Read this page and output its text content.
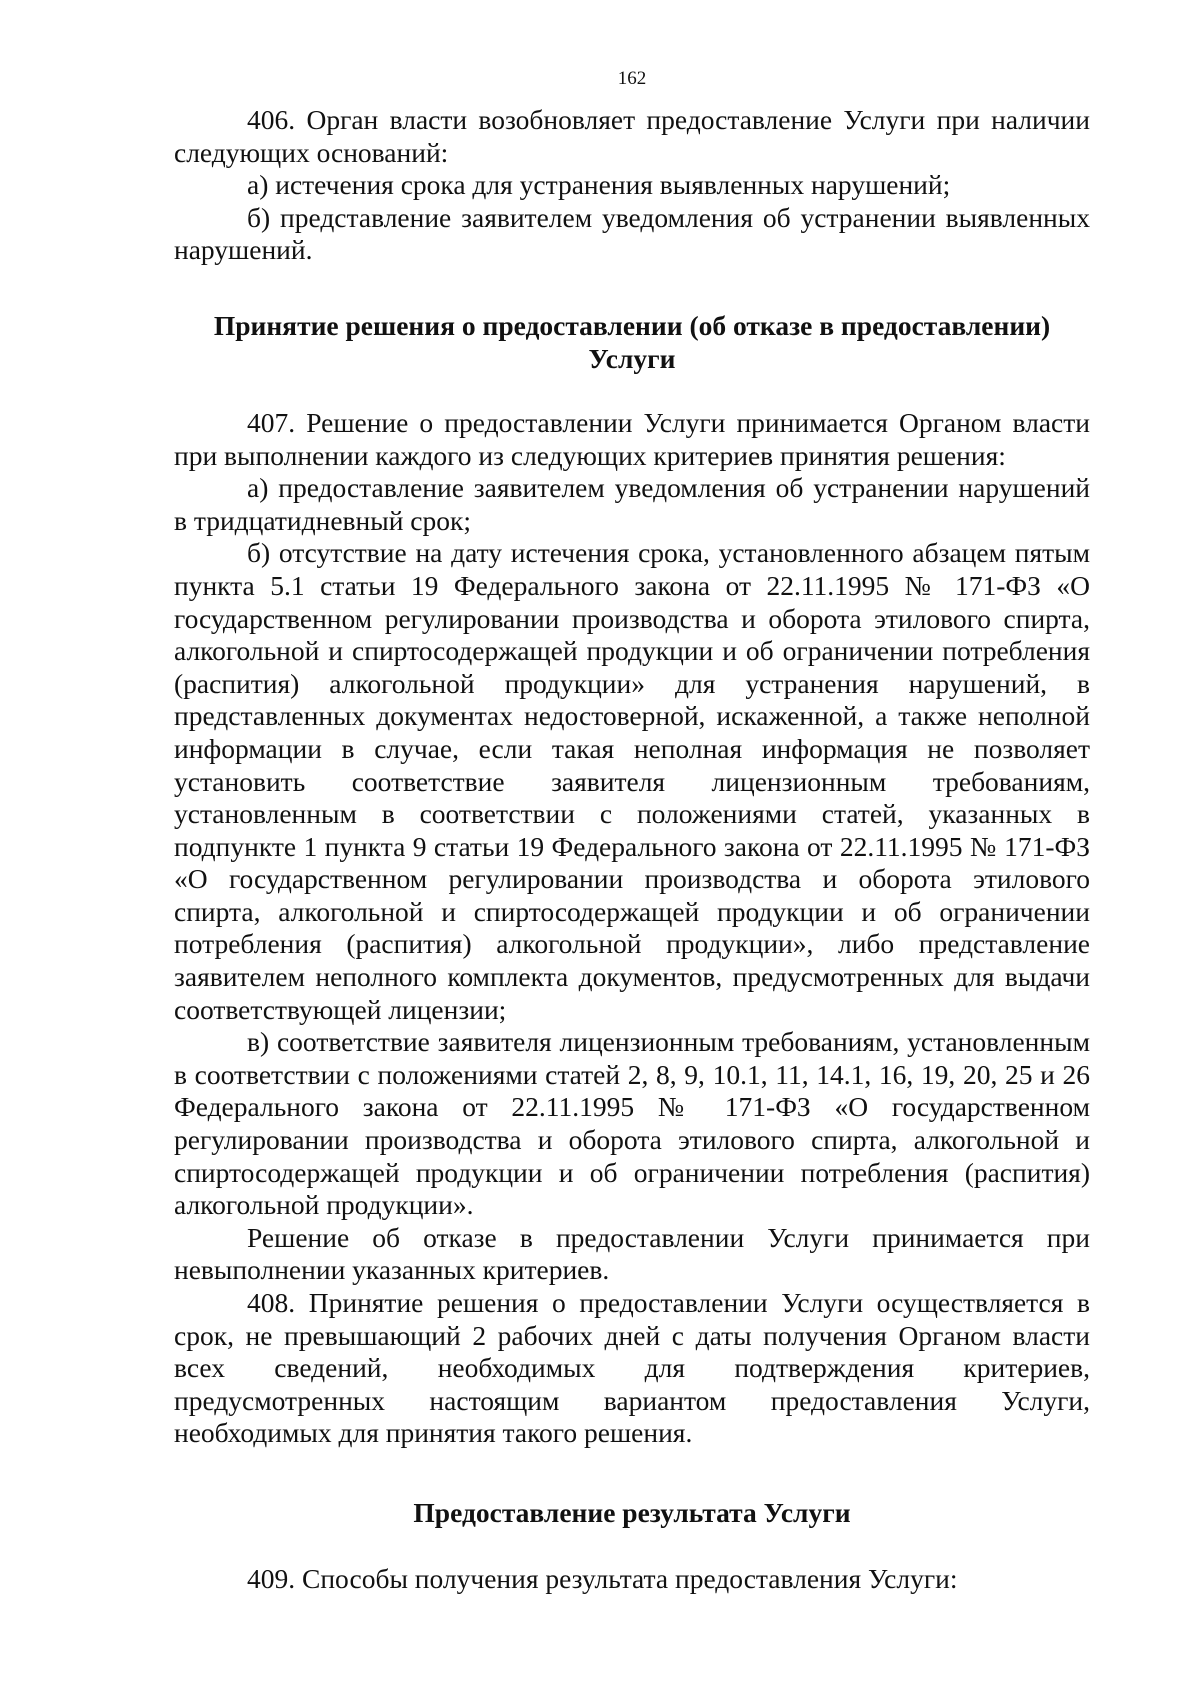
162

406. Орган власти возобновляет предоставление Услуги при наличии следующих оснований:

а) истечения срока для устранения выявленных нарушений;

б) представление заявителем уведомления об устранении выявленных нарушений.

Принятие решения о предоставлении (об отказе в предоставлении) Услуги

407. Решение о предоставлении Услуги принимается Органом власти при выполнении каждого из следующих критериев принятия решения:

а) предоставление заявителем уведомления об устранении нарушений в тридцатидневный срок;

б) отсутствие на дату истечения срока, установленного абзацем пятым пункта 5.1 статьи 19 Федерального закона от 22.11.1995 № 171-ФЗ «О государственном регулировании производства и оборота этилового спирта, алкогольной и спиртосодержащей продукции и об ограничении потребления (распития) алкогольной продукции» для устранения нарушений, в представленных документах недостоверной, искаженной, а также неполной информации в случае, если такая неполная информация не позволяет установить соответствие заявителя лицензионным требованиям, установленным в соответствии с положениями статей, указанных в подпункте 1 пункта 9 статьи 19 Федерального закона от 22.11.1995 № 171-ФЗ «О государственном регулировании производства и оборота этилового спирта, алкогольной и спиртосодержащей продукции и об ограничении потребления (распития) алкогольной продукции», либо представление заявителем неполного комплекта документов, предусмотренных для выдачи соответствующей лицензии;

в) соответствие заявителя лицензионным требованиям, установленным в соответствии с положениями статей 2, 8, 9, 10.1, 11, 14.1, 16, 19, 20, 25 и 26 Федерального закона от 22.11.1995 № 171-ФЗ «О государственном регулировании производства и оборота этилового спирта, алкогольной и спиртосодержащей продукции и об ограничении потребления (распития) алкогольной продукции».

Решение об отказе в предоставлении Услуги принимается при невыполнении указанных критериев.

408. Принятие решения о предоставлении Услуги осуществляется в срок, не превышающий 2 рабочих дней с даты получения Органом власти всех сведений, необходимых для подтверждения критериев, предусмотренных настоящим вариантом предоставления Услуги, необходимых для принятия такого решения.

Предоставление результата Услуги

409. Способы получения результата предоставления Услуги:
